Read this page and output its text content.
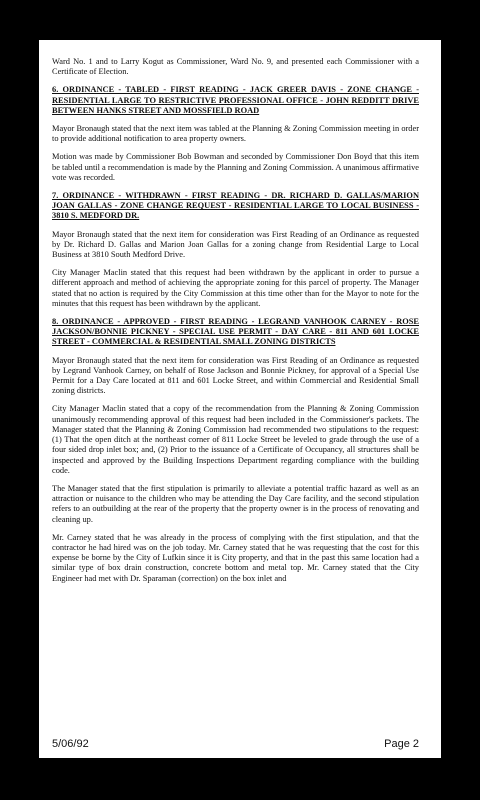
Ward No. 1 and to Larry Kogut as Commissioner, Ward No. 9, and presented each Commissioner with a Certificate of Election.

6. ORDINANCE - TABLED - FIRST READING - JACK GREER DAVIS - ZONE CHANGE - RESIDENTIAL LARGE TO RESTRICTIVE PROFESSIONAL OFFICE - JOHN REDDITT DRIVE BETWEEN HANKS STREET AND MOSSFIELD ROAD

Mayor Bronaugh stated that the next item was tabled at the Planning & Zoning Commission meeting in order to provide additional notification to area property owners.

Motion was made by Commissioner Bob Bowman and seconded by Commissioner Don Boyd that this item be tabled until a recommendation is made by the Planning and Zoning Commission. A unanimous affirmative vote was recorded.

7. ORDINANCE - WITHDRAWN - FIRST READING - DR. RICHARD D. GALLAS/MARION JOAN GALLAS - ZONE CHANGE REQUEST - RESIDENTIAL LARGE TO LOCAL BUSINESS - 3810 S. MEDFORD DR.

Mayor Bronaugh stated that the next item for consideration was First Reading of an Ordinance as requested by Dr. Richard D. Gallas and Marion Joan Gallas for a zoning change from Residential Large to Local Business at 3810 South Medford Drive.

City Manager Maclin stated that this request had been withdrawn by the applicant in order to pursue a different approach and method of achieving the appropriate zoning for this parcel of property. The Manager stated that no action is required by the City Commission at this time other than for the Mayor to note for the minutes that this request has been withdrawn by the applicant.

8. ORDINANCE - APPROVED - FIRST READING - LEGRAND VANHOOK CARNEY - ROSE JACKSON/BONNIE PICKNEY - SPECIAL USE PERMIT - DAY CARE - 811 AND 601 LOCKE STREET - COMMERCIAL & RESIDENTIAL SMALL ZONING DISTRICTS

Mayor Bronaugh stated that the next item for consideration was First Reading of an Ordinance as requested by Legrand Vanhook Carney, on behalf of Rose Jackson and Bonnie Pickney, for approval of a Special Use Permit for a Day Care located at 811 and 601 Locke Street, and within Commercial and Residential Small zoning districts.

City Manager Maclin stated that a copy of the recommendation from the Planning & Zoning Commission unanimously recommending approval of this request had been included in the Commissioner's packets. The Manager stated that the Planning & Zoning Commission had recommended two stipulations to the request: (1) That the open ditch at the northeast corner of 811 Locke Street be leveled to grade through the use of a four sided drop inlet box; and, (2) Prior to the issuance of a Certificate of Occupancy, all structures shall be inspected and approved by the Building Inspections Department regarding compliance with the building code.

The Manager stated that the first stipulation is primarily to alleviate a potential traffic hazard as well as an attraction or nuisance to the children who may be attending the Day Care facility, and the second stipulation refers to an outbuilding at the rear of the property that the property owner is in the process of renovating and cleaning up.

Mr. Carney stated that he was already in the process of complying with the first stipulation, and that the contractor he had hired was on the job today. Mr. Carney stated that he was requesting that the cost for this expense be borne by the City of Lufkin since it is City property, and that in the past this same location had a similar type of box drain construction, concrete bottom and metal top. Mr. Carney stated that the City Engineer had met with Dr. Sparaman (correction) on the box inlet and

5/06/92	Page 2
